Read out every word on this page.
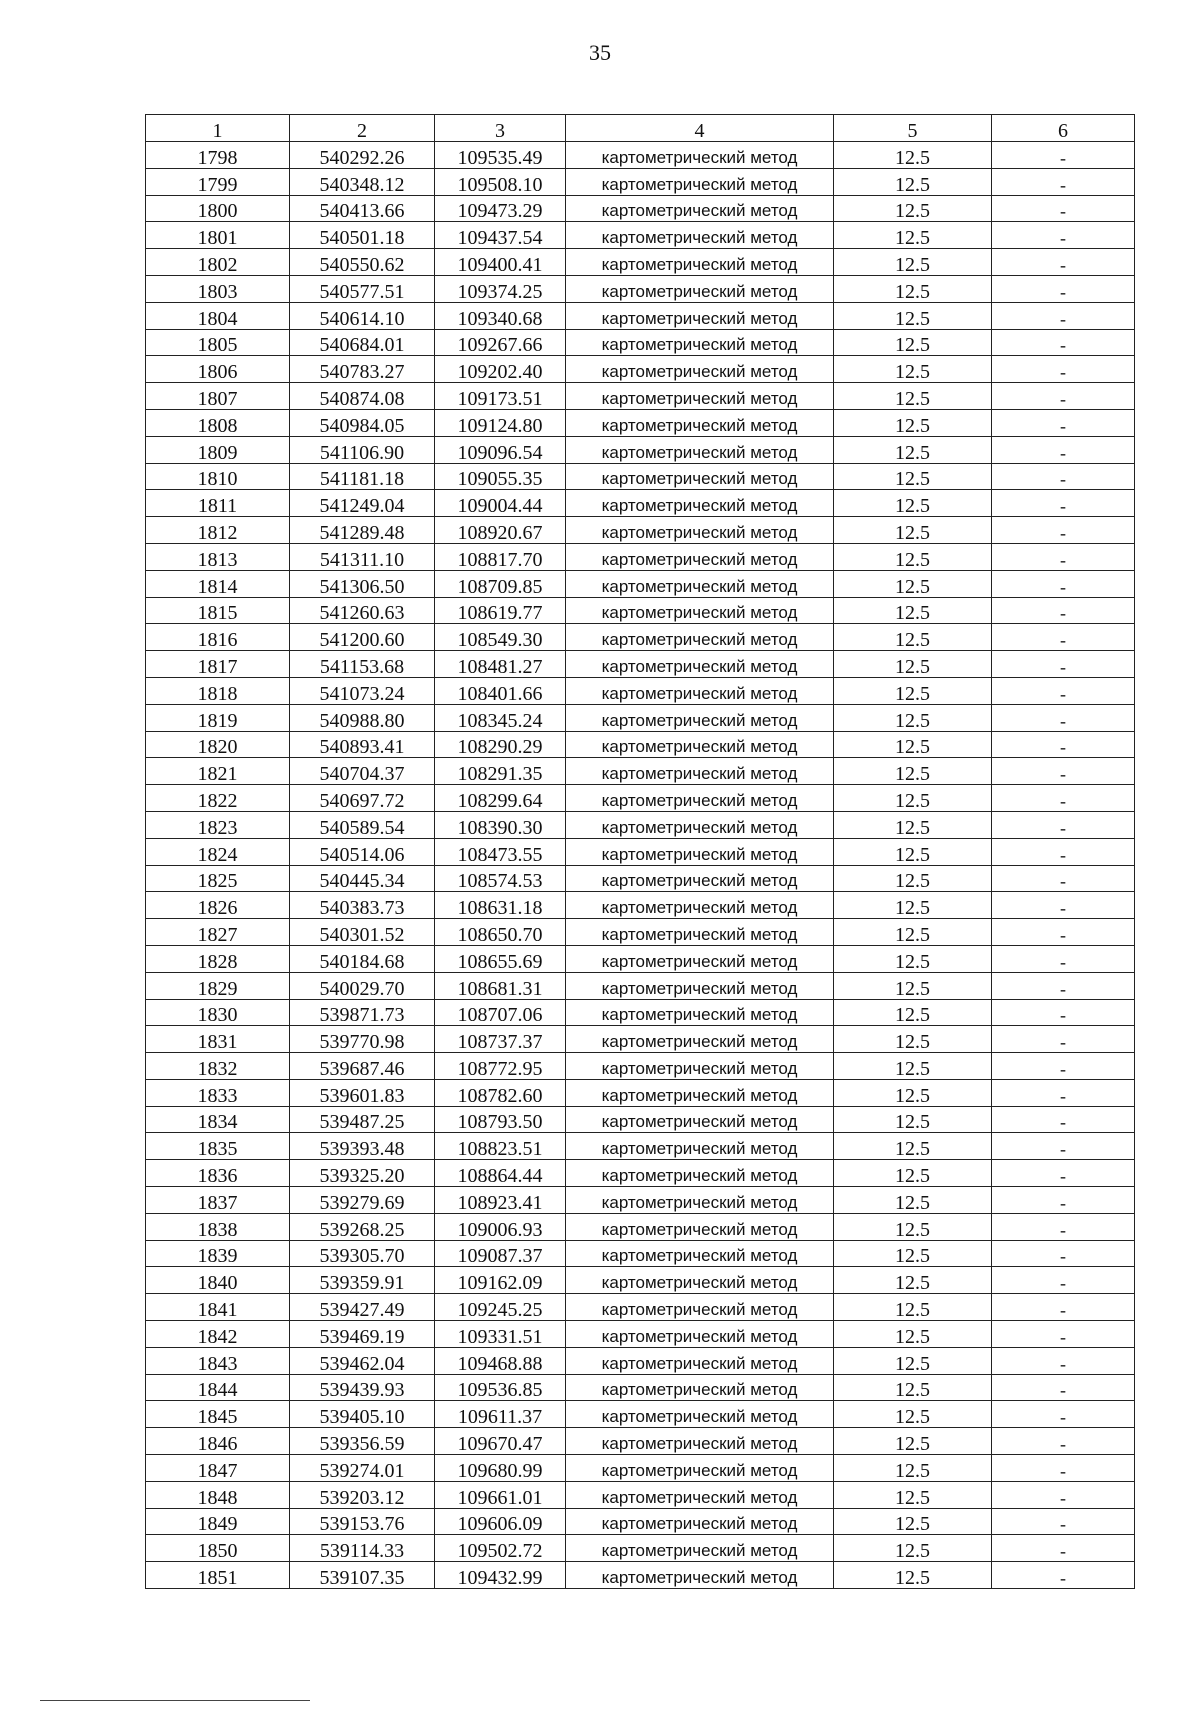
35
1	2	3	4	5	6
1798	540292.26	109535.49	картометрический метод	12.5	-
1799	540348.12	109508.10	картометрический метод	12.5	-
1800	540413.66	109473.29	картометрический метод	12.5	-
1801	540501.18	109437.54	картометрический метод	12.5	-
1802	540550.62	109400.41	картометрический метод	12.5	-
1803	540577.51	109374.25	картометрический метод	12.5	-
1804	540614.10	109340.68	картометрический метод	12.5	-
1805	540684.01	109267.66	картометрический метод	12.5	-
1806	540783.27	109202.40	картометрический метод	12.5	-
1807	540874.08	109173.51	картометрический метод	12.5	-
1808	540984.05	109124.80	картометрический метод	12.5	-
1809	541106.90	109096.54	картометрический метод	12.5	-
1810	541181.18	109055.35	картометрический метод	12.5	-
1811	541249.04	109004.44	картометрический метод	12.5	-
1812	541289.48	108920.67	картометрический метод	12.5	-
1813	541311.10	108817.70	картометрический метод	12.5	-
1814	541306.50	108709.85	картометрический метод	12.5	-
1815	541260.63	108619.77	картометрический метод	12.5	-
1816	541200.60	108549.30	картометрический метод	12.5	-
1817	541153.68	108481.27	картометрический метод	12.5	-
1818	541073.24	108401.66	картометрический метод	12.5	-
1819	540988.80	108345.24	картометрический метод	12.5	-
1820	540893.41	108290.29	картометрический метод	12.5	-
1821	540704.37	108291.35	картометрический метод	12.5	-
1822	540697.72	108299.64	картометрический метод	12.5	-
1823	540589.54	108390.30	картометрический метод	12.5	-
1824	540514.06	108473.55	картометрический метод	12.5	-
1825	540445.34	108574.53	картометрический метод	12.5	-
1826	540383.73	108631.18	картометрический метод	12.5	-
1827	540301.52	108650.70	картометрический метод	12.5	-
1828	540184.68	108655.69	картометрический метод	12.5	-
1829	540029.70	108681.31	картометрический метод	12.5	-
1830	539871.73	108707.06	картометрический метод	12.5	-
1831	539770.98	108737.37	картометрический метод	12.5	-
1832	539687.46	108772.95	картометрический метод	12.5	-
1833	539601.83	108782.60	картометрический метод	12.5	-
1834	539487.25	108793.50	картометрический метод	12.5	-
1835	539393.48	108823.51	картометрический метод	12.5	-
1836	539325.20	108864.44	картометрический метод	12.5	-
1837	539279.69	108923.41	картометрический метод	12.5	-
1838	539268.25	109006.93	картометрический метод	12.5	-
1839	539305.70	109087.37	картометрический метод	12.5	-
1840	539359.91	109162.09	картометрический метод	12.5	-
1841	539427.49	109245.25	картометрический метод	12.5	-
1842	539469.19	109331.51	картометрический метод	12.5	-
1843	539462.04	109468.88	картометрический метод	12.5	-
1844	539439.93	109536.85	картометрический метод	12.5	-
1845	539405.10	109611.37	картометрический метод	12.5	-
1846	539356.59	109670.47	картометрический метод	12.5	-
1847	539274.01	109680.99	картометрический метод	12.5	-
1848	539203.12	109661.01	картометрический метод	12.5	-
1849	539153.76	109606.09	картометрический метод	12.5	-
1850	539114.33	109502.72	картометрический метод	12.5	-
1851	539107.35	109432.99	картометрический метод	12.5	-
